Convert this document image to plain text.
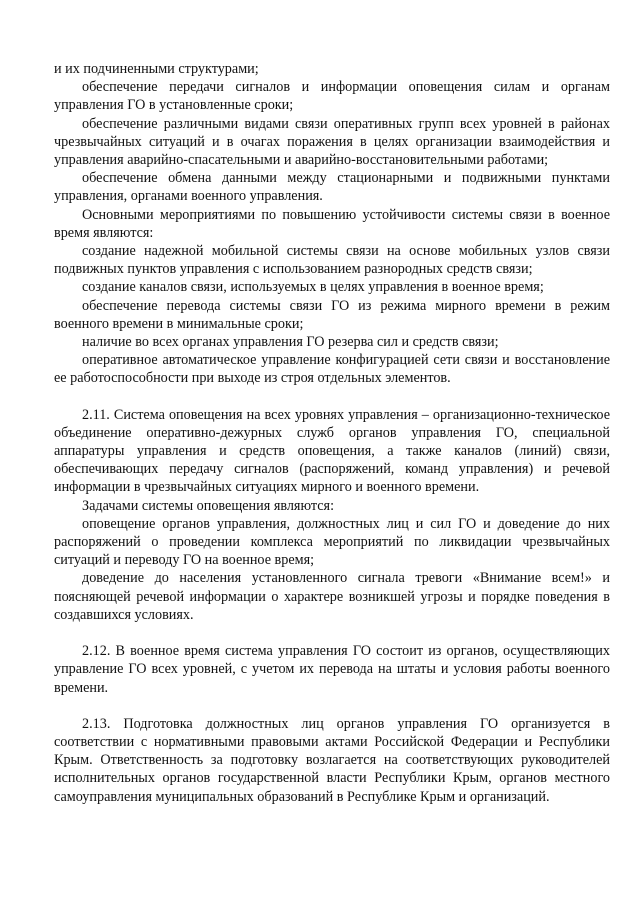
и их подчиненными структурами;

обеспечение передачи сигналов и информации оповещения силам и органам управления ГО в установленные сроки;

обеспечение различными видами связи оперативных групп всех уровней в районах чрезвычайных ситуаций и в очагах поражения в целях организации взаимодействия и управления аварийно-спасательными и аварийно-восстановительными работами;

обеспечение обмена данными между стационарными и подвижными пунктами управления, органами военного управления.

Основными мероприятиями по повышению устойчивости системы связи в военное время являются:

создание надежной мобильной системы связи на основе мобильных узлов связи подвижных пунктов управления с использованием разнородных средств связи;

создание каналов связи, используемых в целях управления в военное время;

обеспечение перевода системы связи ГО из режима мирного времени в режим военного времени в минимальные сроки;

наличие во всех органах управления ГО резерва сил и средств связи;

оперативное автоматическое управление конфигурацией сети связи и восстановление ее работоспособности при выходе из строя отдельных элементов.

2.11. Система оповещения на всех уровнях управления – организационно-техническое объединение оперативно-дежурных служб органов управления ГО, специальной аппаратуры управления и средств оповещения, а также каналов (линий) связи, обеспечивающих передачу сигналов (распоряжений, команд управления) и речевой информации в чрезвычайных ситуациях мирного и военного времени.

Задачами системы оповещения являются:

оповещение органов управления, должностных лиц и сил ГО и доведение до них распоряжений о проведении комплекса мероприятий по ликвидации чрезвычайных ситуаций и переводу ГО на военное время;

доведение до населения установленного сигнала тревоги «Внимание всем!» и поясняющей речевой информации о характере возникшей угрозы и порядке поведения в создавшихся условиях.

2.12. В военное время система управления ГО состоит из органов, осуществляющих управление ГО всех уровней, с учетом их перевода на штаты и условия работы военного времени.

2.13. Подготовка должностных лиц органов управления ГО организуется в соответствии с нормативными правовыми актами Российской Федерации и Республики Крым. Ответственность за подготовку возлагается на соответствующих руководителей исполнительных органов государственной власти Республики Крым, органов местного самоуправления муниципальных образований в Республике Крым и организаций.
